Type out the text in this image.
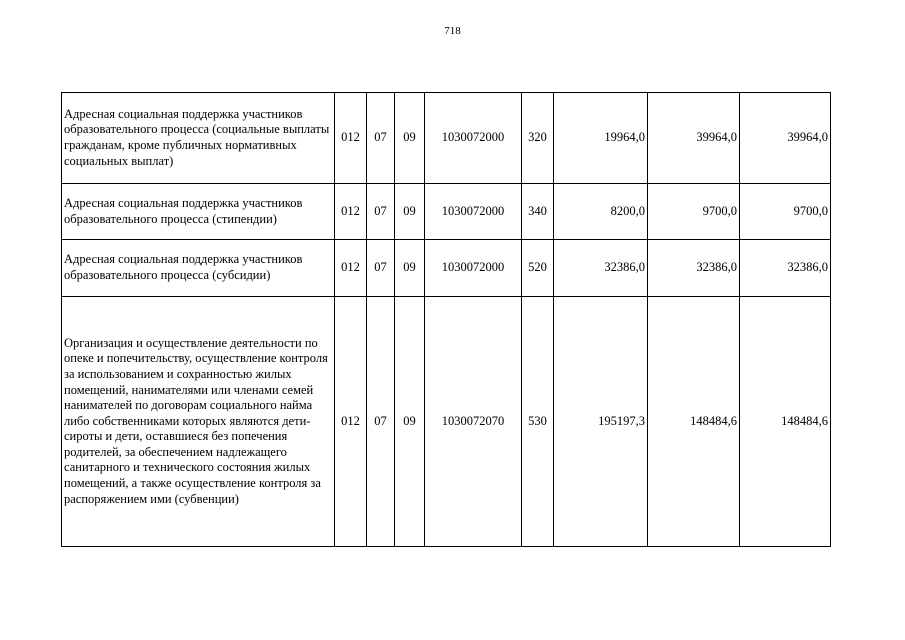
718
Адресная социальная поддержка участников образовательного процесса (социальные выплаты гражданам, кроме публичных нормативных социальных выплат)	012	07	09	1030072000	320	19964,0	39964,0	39964,0
Адресная социальная поддержка участников образовательного процесса (стипендии)	012	07	09	1030072000	340	8200,0	9700,0	9700,0
Адресная социальная поддержка участников образовательного процесса (субсидии)	012	07	09	1030072000	520	32386,0	32386,0	32386,0
Организация и осуществление деятельности по опеке и попечительству, осуществление контроля за использованием и сохранностью жилых помещений, нанимателями или членами семей нанимателей по договорам социального найма либо собственниками которых являются дети-сироты и дети, оставшиеся без попечения родителей, за обеспечением надлежащего санитарного и технического состояния жилых помещений, а также осуществление контроля за распоряжением ими (субвенции)	012	07	09	1030072070	530	195197,3	148484,6	148484,6
